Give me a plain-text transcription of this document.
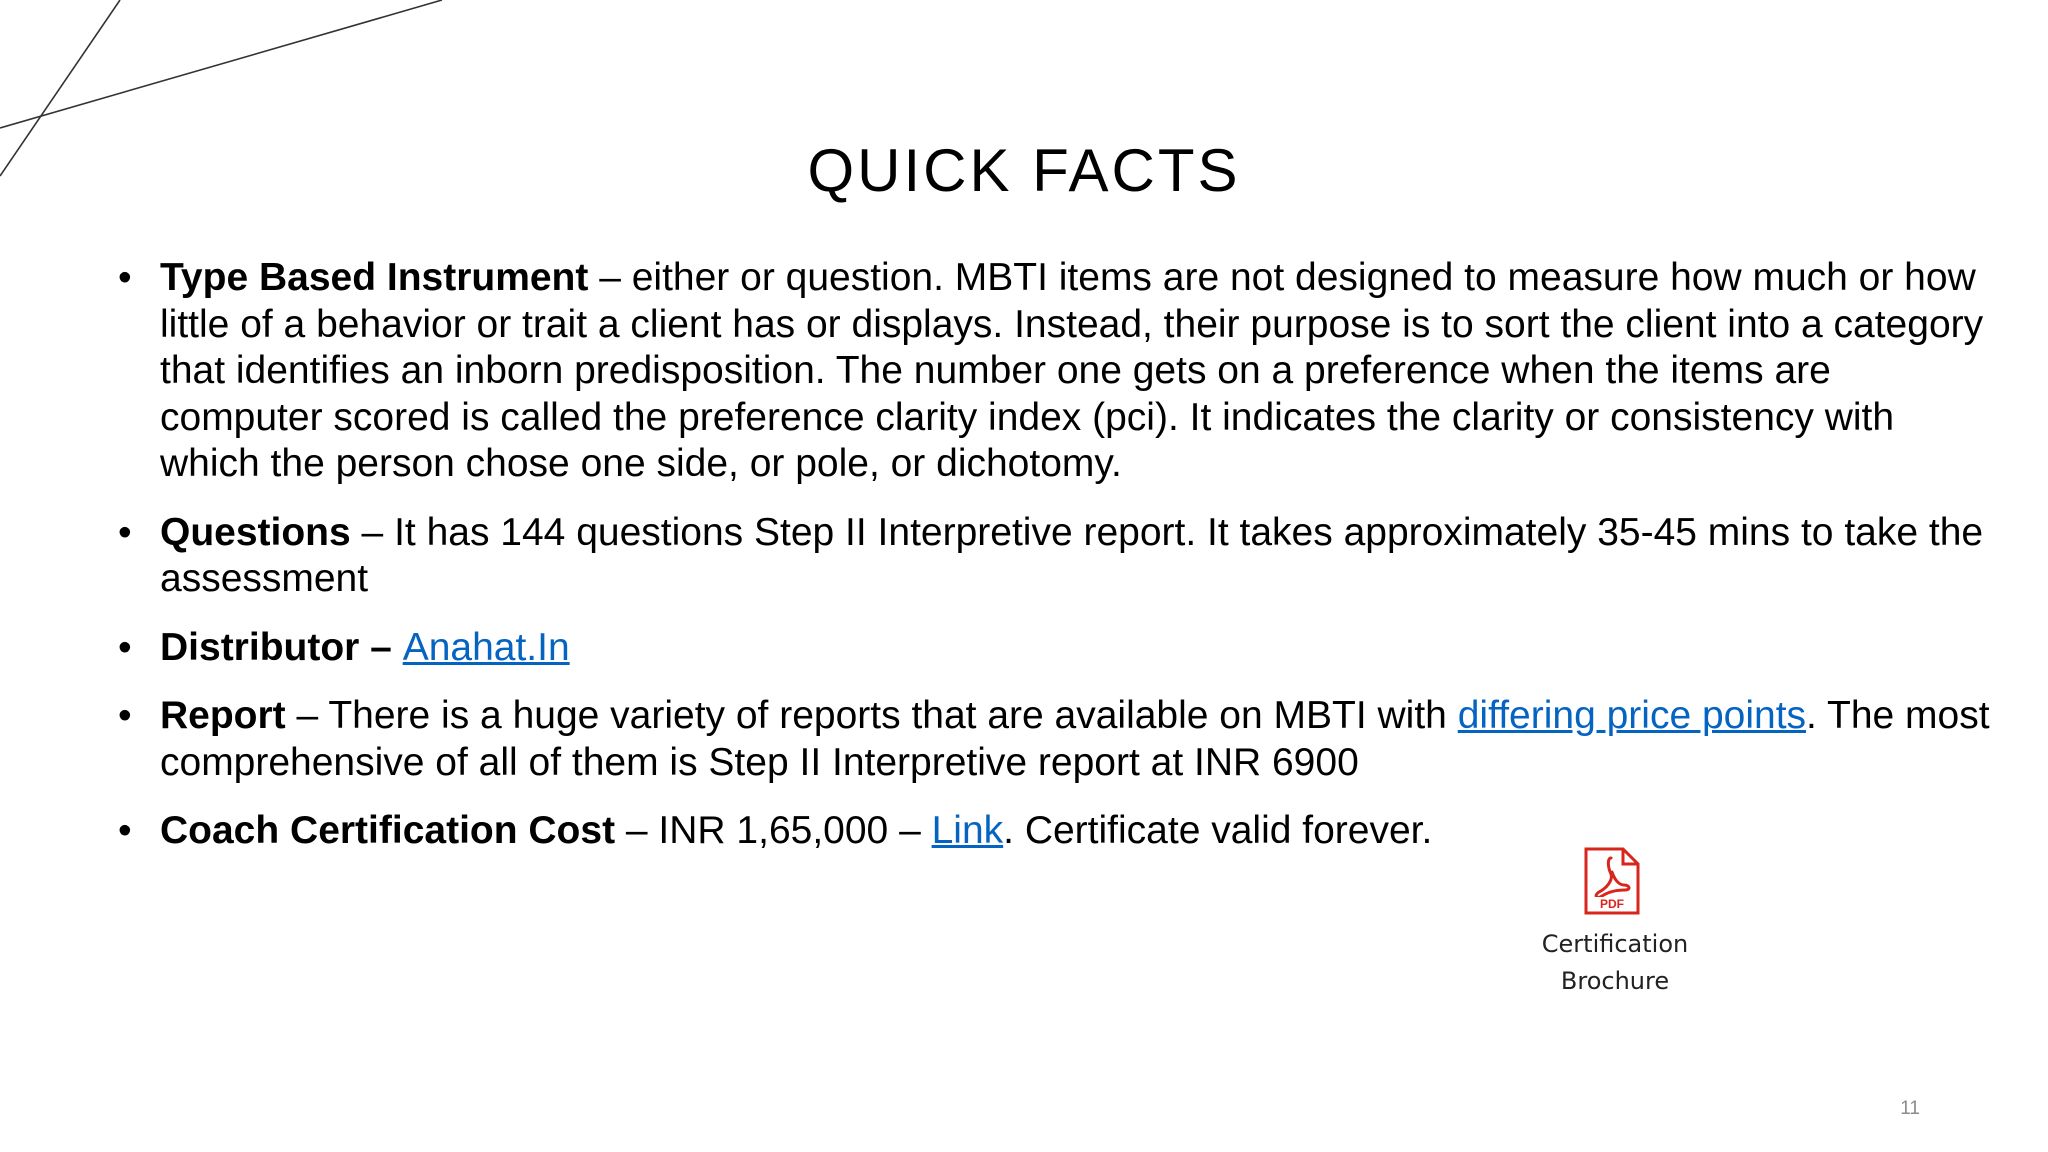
QUICK FACTS
• Type Based Instrument – either or question. MBTI items are not designed to measure how much or how little of a behavior or trait a client has or displays. Instead, their purpose is to sort the client into a category that identifies an inborn predisposition. The number one gets on a preference when the items are computer scored is called the preference clarity index (pci). It indicates the clarity or consistency with which the person chose one side, or pole, or dichotomy.
• Questions – It has 144 questions Step II Interpretive report. It takes approximately 35-45 mins to take the assessment
• Distributor – Anahat.In
• Report – There is a huge variety of reports that are available on MBTI with differing price points. The most comprehensive of all of them is Step II Interpretive report at INR 6900
• Coach Certification Cost – INR 1,65,000 – Link. Certificate valid forever.
PDF
Certification
Brochure
11
